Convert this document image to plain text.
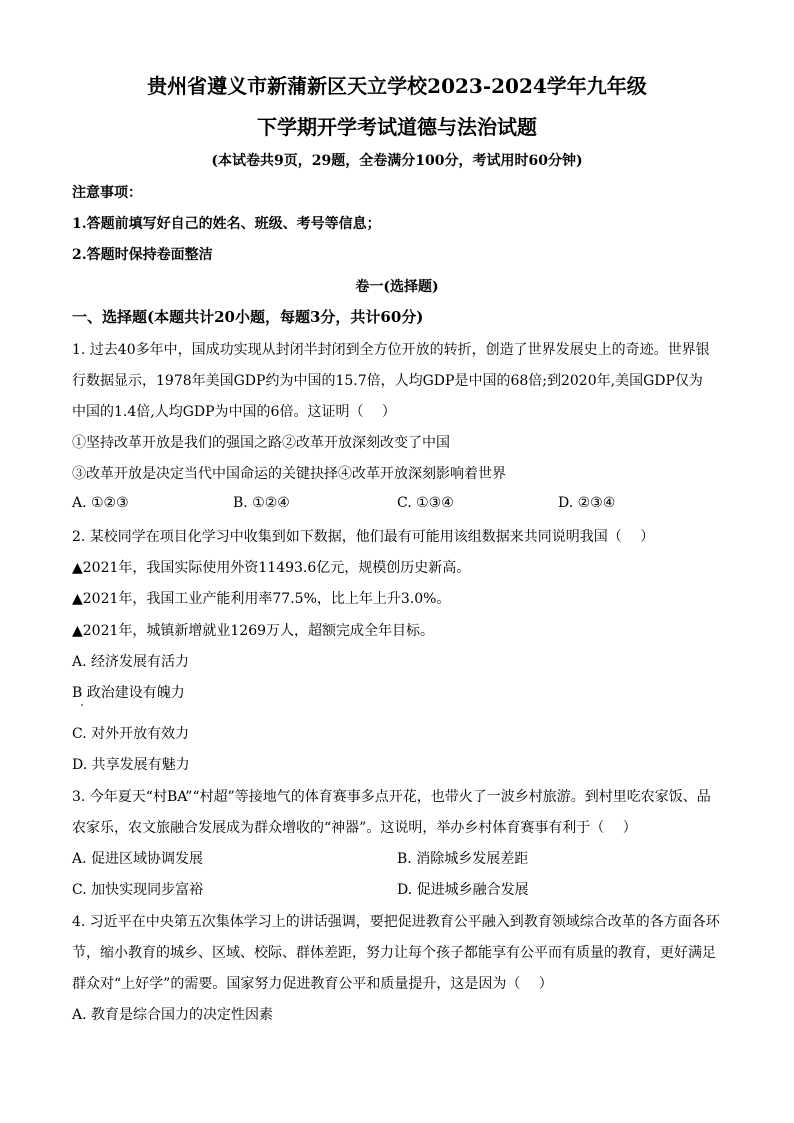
贵州省遵义市新蒲新区天立学校2023-2024学年九年级
下学期开学考试道德与法治试题
(本试卷共9页，29题，全卷满分100分，考试用时60分钟)
注意事项：
1.答题前填写好自己的姓名、班级、考号等信息；
2.答题时保持卷面整洁
卷一(选择题)
一、选择题(本题共计20小题，每题3分，共计60分)
1. 过去40多年中，国成功实现从封闭半封闭到全方位开放的转折，创造了世界发展史上的奇迹。世界银
行数据显示，1978年美国GDP约为中国的15.7倍，人均GDP是中国的68倍;到2020年,美国GDP仅为
中国的1.4倍,人均GDP为中国的6倍。这证明（　 ）
①坚持改革开放是我们的强国之路②改革开放深刻改变了中国
③改革开放是决定当代中国命运的关键抉择④改革开放深刻影响着世界
A. ①②③	B. ①②④	C. ①③④	D. ②③④
2. 某校同学在项目化学习中收集到如下数据，他们最有可能用该组数据来共同说明我国（　 ）
▲2021年，我国实际使用外资11493.6亿元，规模创历史新高。
▲2021年，我国工业产能利用率77.5%，比上年上升3.0%。
▲2021年，城镇新增就业1269万人，超额完成全年目标。
A. 经济发展有活力
B 政治建设有魄力
C. 对外开放有效力
D. 共享发展有魅力
3. 今年夏天“村BA”“村超”等接地气的体育赛事多点开花，也带火了一波乡村旅游。到村里吃农家饭、品
农家乐，农文旅融合发展成为群众增收的“神器”。这说明，举办乡村体育赛事有利于（　 ）
A. 促进区域协调发展	B. 消除城乡发展差距
C. 加快实现同步富裕	D. 促进城乡融合发展
4. 习近平在中央第五次集体学习上的讲话强调，要把促进教育公平融入到教育领域综合改革的各方面各环
节，缩小教育的城乡、区域、校际、群体差距，努力让每个孩子都能享有公平而有质量的教育，更好满足
群众对“上好学”的需要。国家努力促进教育公平和质量提升，这是因为（　 ）
A. 教育是综合国力的决定性因素
